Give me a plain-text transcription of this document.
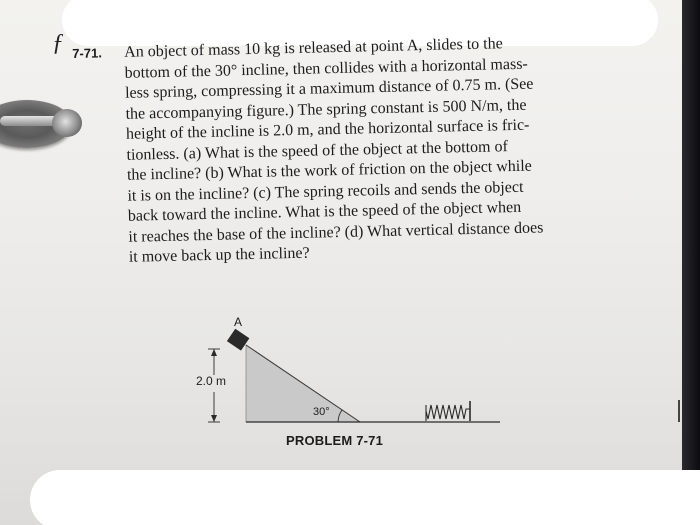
ƒ 7-71. An object of mass 10 kg is released at point A, slides to the
bottom of the 30° incline, then collides with a horizontal mass-
less spring, compressing it a maximum distance of 0.75 m. (See
the accompanying figure.) The spring constant is 500 N/m, the
height of the incline is 2.0 m, and the horizontal surface is fric-
tionless. (a) What is the speed of the object at the bottom of
the incline? (b) What is the work of friction on the object while
it is on the incline? (c) The spring recoils and sends the object
back toward the incline. What is the speed of the object when
it reaches the base of the incline? (d) What vertical distance does
it move back up the incline?
A
2.0 m
30°
PROBLEM 7-71
